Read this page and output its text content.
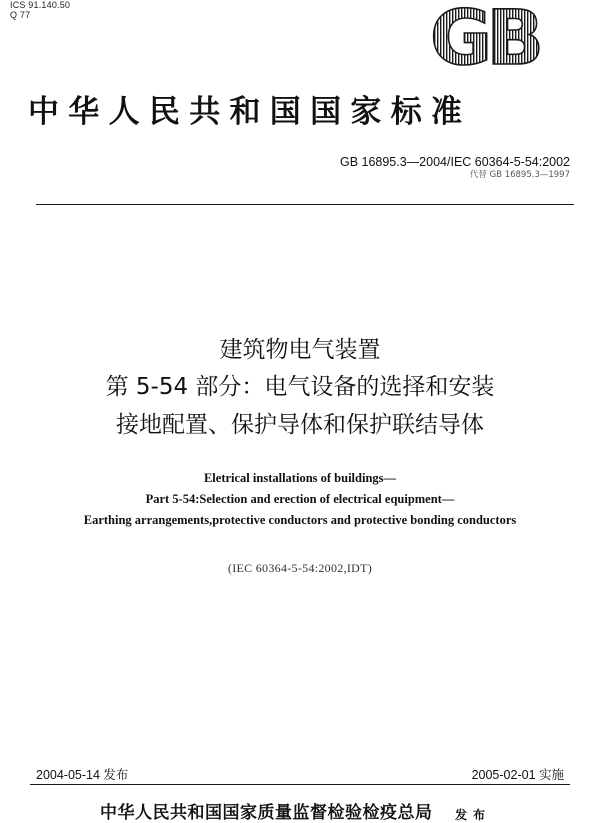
ICS 91.140.50
Q 77	GB
中华人民共和国国家标准
GB 16895.3—2004/IEC 60364-5-54:2002
代替 GB 16895.3—1997
建筑物电气装置
第 5-54 部分：电气设备的选择和安装
接地配置、保护导体和保护联结导体
Eletrical installations of buildings—
Part 5-54:Selection and erection of electrical equipment—
Earthing arrangements,protective conductors and protective bonding conductors
(IEC 60364-5-54:2002,IDT)
2004-05-14 发布	2005-02-01 实施
中华人民共和国国家质量监督检验检疫总局 发布
